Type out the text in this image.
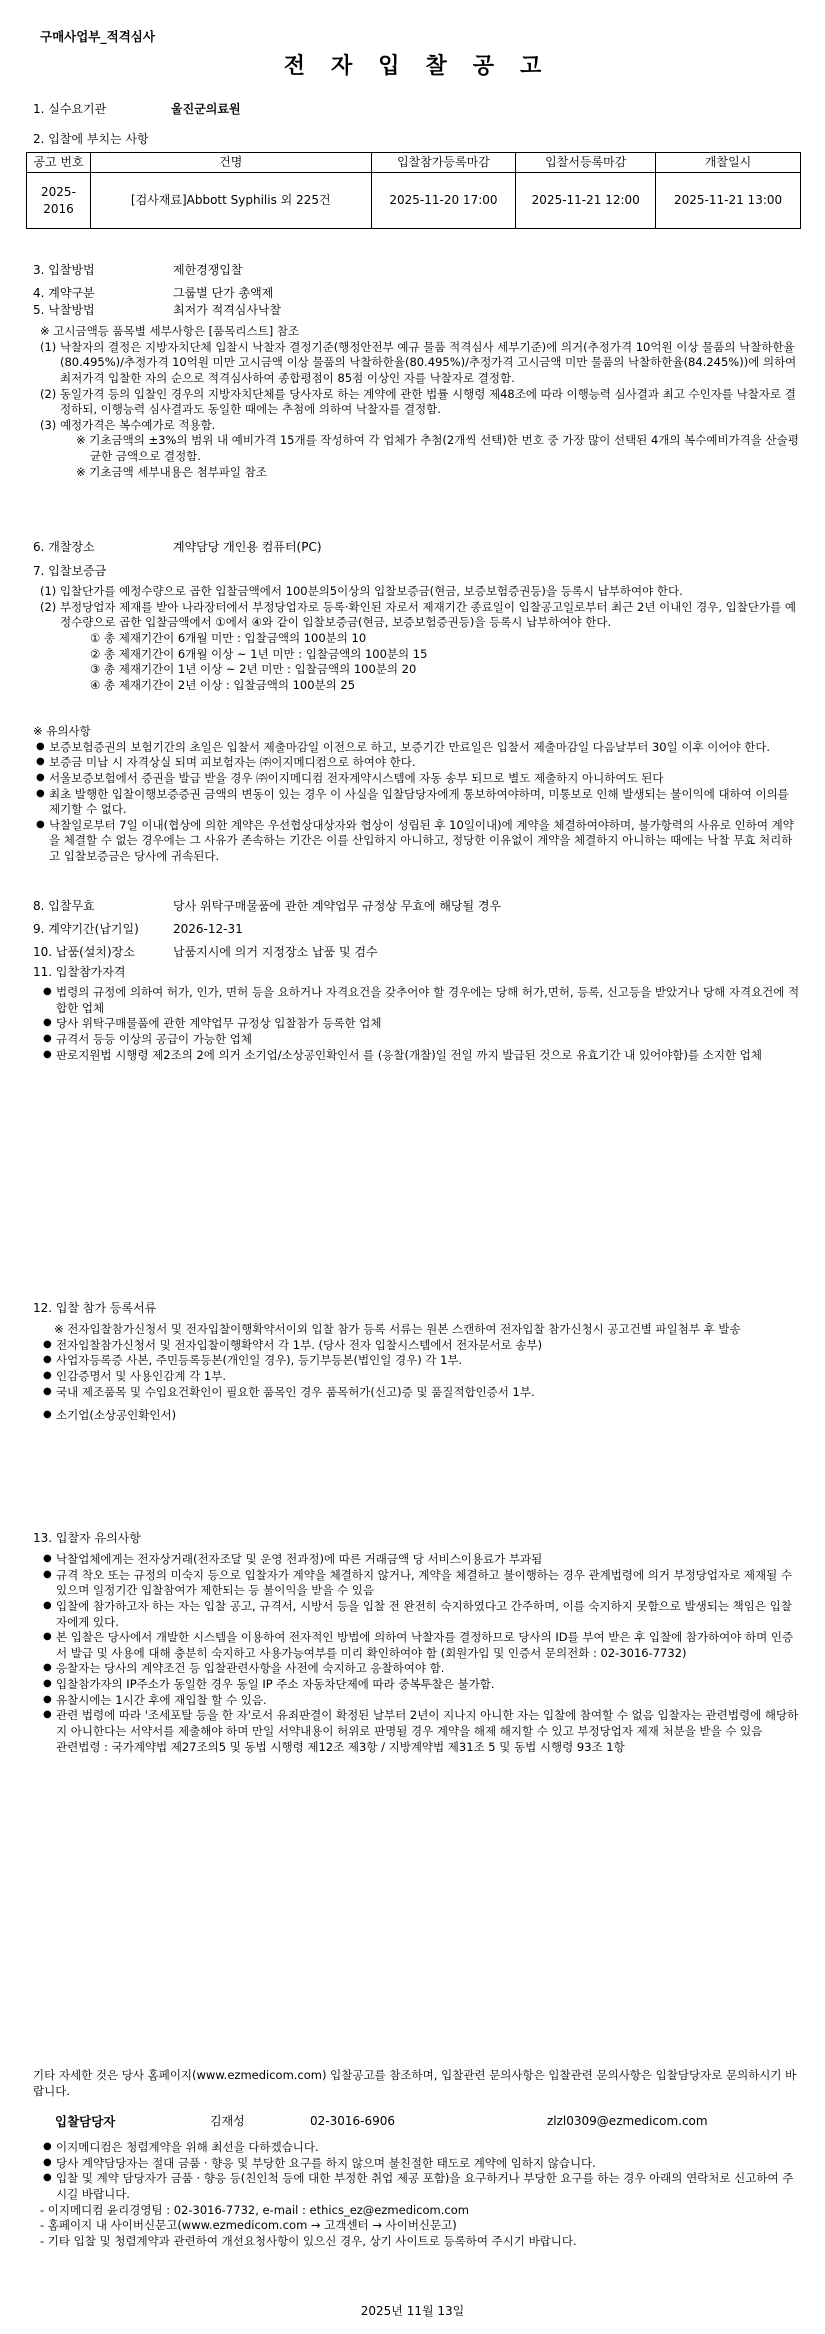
구매사업부_적격심사
전자입찰공고
1. 실수요기관	울진군의료원
2. 입찰에 부치는 사항
공고 번호	건명	입찰참가등록마감	입찰서등록마감	개찰일시
2025-2016	[검사재료]Abbott Syphilis 외 225건	2025-11-20 17:00	2025-11-21 12:00	2025-11-21 13:00
3. 입찰방법	제한경쟁입찰
4. 계약구분	그룹별 단가 총액제
5. 낙찰방법	최저가 적격심사낙찰
※ 고시금액등 품목별 세부사항은 [품목리스트] 참조
(1) 낙찰자의 결정은 지방자치단체 입찰시 낙찰자 결정기준(행정안전부 예규 물품 적격심사 세부기준)에 의거(추정가격 10억원 이상 물품의 낙찰하한율(80.495%)/추정가격 10억원 미만 고시금액 이상 물품의 낙찰하한율(80.495%)/추정가격 고시금액 미만 물품의 낙찰하한율(84.245%))에 의하여 최저가격 입찰한 자의 순으로 적격심사하여 종합평점이 85점 이상인 자를 낙찰자로 결정함.
(2) 동일가격 등의 입찰인 경우의 지방자치단체를 당사자로 하는 계약에 관한 법률 시행령 제48조에 따라 이행능력 심사결과 최고 수인자를 낙찰자로 결정하되, 이행능력 심사결과도 동일한 때에는 추첨에 의하여 낙찰자를 결정함.
(3) 예정가격은 복수예가로 적용함.
※ 기초금액의 ±3%의 범위 내 예비가격 15개를 작성하여 각 업체가 추첨(2개씩 선택)한 번호 중 가장 많이 선택된 4개의 복수예비가격을 산술평균한 금액으로 결정함.
※ 기초금액 세부내용은 첨부파일 참조
6. 개찰장소	계약담당 개인용 컴퓨터(PC)
7. 입찰보증금
(1) 입찰단가를 예정수량으로 곱한 입찰금액에서 100분의5이상의 입찰보증금(현금, 보증보험증권등)을 등록시 납부하여야 한다.
(2) 부정당업자 제재를 받아 나라장터에서 부정당업자로 등록·확인된 자로서 제재기간 종료일이 입찰공고일로부터 최근 2년 이내인 경우, 입찰단가를 예정수량으로 곱한 입찰금액에서 ①에서 ④와 같이 입찰보증금(현금, 보증보험증권등)을 등록시 납부하여야 한다.
① 총 제재기간이 6개월 미만 : 입찰금액의 100분의 10
② 총 제재기간이 6개월 이상 ~ 1년 미만 : 입찰금액의 100분의 15
③ 총 제재기간이 1년 이상 ~ 2년 미만 : 입찰금액의 100분의 20
④ 총 제재기간이 2년 이상 : 입찰금액의 100분의 25
※ 유의사항
● 보증보험증권의 보험기간의 초일은 입찰서 제출마감일 이전으로 하고, 보증기간 만료일은 입찰서 제출마감일 다음날부터 30일 이후 이어야 한다.
● 보증금 미납 시 자격상실 되며 피보험자는 ㈜이지메디컴으로 하여야 한다.
● 서울보증보험에서 증권을 발급 받을 경우 ㈜이지메디컴 전자계약시스템에 자동 송부 되므로 별도 제출하지 아니하여도 된다
● 최초 발행한 입찰이행보증증권 금액의 변동이 있는 경우 이 사실을 입찰담당자에게 통보하여야하며, 미통보로 인해 발생되는 불이익에 대하여 이의를 제기할 수 없다.
● 낙찰일로부터 7일 이내(협상에 의한 계약은 우선협상대상자와 협상이 성립된 후 10일이내)에 계약을 체결하여야하며, 불가항력의 사유로 인하여 계약을 체결할 수 없는 경우에는 그 사유가 존속하는 기간은 이를 산입하지 아니하고, 정당한 이유없이 계약을 체결하지 아니하는 때에는 낙찰 무효 처리하고 입찰보증금은 당사에 귀속된다.
8. 입찰무효	당사 위탁구매물품에 관한 계약업무 규정상 무효에 해당될 경우
9. 계약기간(납기일)	2026-12-31
10. 납품(설치)장소	납품지시에 의거 지정장소 납품 및 검수
11. 입찰참가자격
● 법령의 규정에 의하여 허가, 인가, 면허 등을 요하거나 자격요건을 갖추어야 할 경우에는 당해 허가,면허, 등록, 신고등을 받았거나 당해 자격요건에 적합한 업체
● 당사 위탁구매물품에 관한 계약업무 규정상 입찰참가 등록한 업체
● 규격서 등등 이상의 공급이 가능한 업체
● 판로지원법 시행령 제2조의 2에 의거 소기업/소상공인확인서 를 (응찰(개찰)일 전일 까지 발급된 것으로 유효기간 내 있어야함)를 소지한 업체
12. 입찰 참가 등록서류
※ 전자입찰참가신청서 및 전자입찰이행확약서이외 입찰 참가 등록 서류는 원본 스캔하여 전자입찰 참가신청시 공고건별 파일첨부 후 발송
● 전자입찰참가신청서 및 전자입찰이행확약서 각 1부. (당사 전자 입찰시스템에서 전자문서로 송부)
● 사업자등록증 사본, 주민등록등본(개인일 경우), 등기부등본(법인일 경우) 각 1부.
● 인감증명서 및 사용인감계 각 1부.
● 국내 제조품목 및 수입요건확인이 필요한 품목인 경우 품목허가(신고)증 및 품질적합인증서 1부.
● 소기업(소상공인확인서)
13. 입찰자 유의사항
● 낙찰업체에게는 전자상거래(전자조달 및 운영 전과정)에 따른 거래금액 당 서비스이용료가 부과됨
● 규격 착오 또는 규정의 미숙지 등으로 입찰자가 계약을 체결하지 않거나, 계약을 체결하고 불이행하는 경우 관계법령에 의거 부정당업자로 제재될 수 있으며 일정기간 입찰참여가 제한되는 등 불이익을 받을 수 있음
● 입찰에 참가하고자 하는 자는 입찰 공고, 규격서, 시방서 등을 입찰 전 완전히 숙지하였다고 간주하며, 이를 숙지하지 못함으로 발생되는 책임은 입찰자에게 있다.
● 본 입찰은 당사에서 개발한 시스템을 이용하여 전자적인 방법에 의하여 낙찰자를 결정하므로 당사의 ID를 부여 받은 후 입찰에 참가하여야 하며 인증서 발급 및 사용에 대해 충분히 숙지하고 사용가능여부를 미리 확인하여야 함 (회원가입 및 인증서 문의전화 : 02-3016-7732)
● 응찰자는 당사의 계약조건 등 입찰관련사항을 사전에 숙지하고 응찰하여야 함.
● 입찰참가자의 IP주소가 동일한 경우 동일 IP 주소 자동차단제에 따라 중복투찰은 불가함.
● 유찰시에는 1시간 후에 재입찰 할 수 있음.
● 관련 법령에 따라 '조세포탈 등을 한 자'로서 유죄판결이 확정된 날부터 2년이 지나지 아니한 자는 입찰에 참여할 수 없음 입찰자는 관련법령에 해당하지 아니한다는 서약서를 제출해야 하며 만일 서약내용이 허위로 판명될 경우 계약을 해제 해지할 수 있고 부정당업자 제재 처분을 받을 수 있음
관련법령 : 국가계약법 제27조의5 및 동법 시행령 제12조 제3항 / 지방계약법 제31조 5 및 동법 시행령 93조 1항
기타 자세한 것은 당사 홈페이지(www.ezmedicom.com) 입찰공고를 참조하며, 입찰관련 문의사항은 입찰관련 문의사항은 입찰담당자로 문의하시기 바랍니다.
입찰담당자	김재성	02-3016-6906	zlzl0309@ezmedicom.com
● 이지메디컴은 청렴계약을 위해 최선을 다하겠습니다.
● 당사 계약담당자는 절대 금품 · 향응 및 부당한 요구를 하지 않으며 불친절한 태도로 계약에 임하지 않습니다.
● 입찰 및 계약 담당자가 금품 · 향응 등(친인척 등에 대한 부정한 취업 제공 포함)을 요구하거나 부당한 요구를 하는 경우 아래의 연락처로 신고하여 주시길 바랍니다.
- 이지메디컴 윤리경영팀 : 02-3016-7732, e-mail : ethics_ez@ezmedicom.com
- 홈페이지 내 사이버신문고(www.ezmedicom.com → 고객센터 → 사이버신문고)
- 기타 입찰 및 청렴계약과 관련하여 개선요청사항이 있으신 경우, 상기 사이트로 등록하여 주시기 바랍니다.
2025년 11월 13일
